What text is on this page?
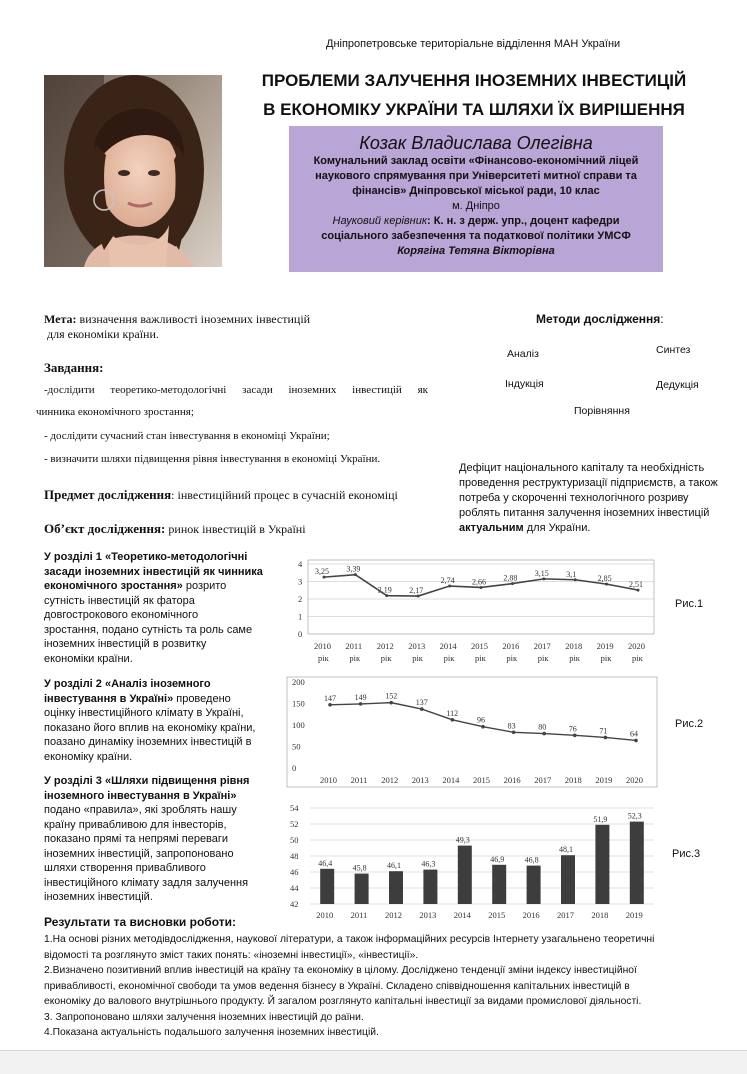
Дніпропетровське територіальне відділення МАН України
ПРОБЛЕМИ ЗАЛУЧЕННЯ ІНОЗЕМНИХ ІНВЕСТИЦІЙ
В ЕКОНОМІКУ УКРАЇНИ ТА ШЛЯХИ ЇХ ВИРІШЕННЯ
Козак Владислава Олегівна
Комунальний заклад освіти «Фінансово-економічний ліцей
наукового спрямування при Університеті митної справи та
фінансів» Дніпровської міської ради, 10 клас
м. Дніпро
Науковий керівник: К. н. з держ. упр., доцент кафедри
соціального забезпечення та податкової політики УМСФ
Корягіна Тетяна Вікторівна
Мета: визначення важливості іноземних інвестицій
для економіки країни.
Завдання:
-дослідити теоретико-методологічні засади іноземних інвестицій як
чинника економічного зростання;
- дослідити сучасний стан інвестування в економіці України;
- визначити шляхи підвищення рівня інвестування в економіці України.
Предмет дослідження: інвестиційний процес в сучасній економіці
Об’єкт дослідження: ринок інвестицій в Україні
Методи дослідження:
Аналіз	Синтез
Індукція	Дедукція
Порівняння
Дефіцит національного капіталу та необхідність
проведення реструктуризації підприємств, а також
потреба у скороченні технологічного розриву
роблять питання залучення іноземних інвестицій
актуальним для України.
У розділі 1 «Теоретико-методологічні
засади іноземних інвестицій як чинника
економічного зростання» розрито
сутність інвестицій як фатора
довгострокового економічного
зростання, подано сутність та роль саме
іноземних інвестицій в розвитку
економіки країни.
У розділі 2 «Аналіз іноземного
інвестування в Україні» проведено
оцінку інвестиційного клімату в Україні,
показано його вплив на економіку країни,
поазано динаміку іноземних інвестицій в
економіку країни.
У розділі 3 «Шляхи підвищення рівня
іноземного інвестування в Україні»
подано «правила», які зроблять нашу
країну привабливою для інвесторів,
показано прямі та непрямі переваги
іноземних інвестицій, запропоновано
шляхи створення привабливого
інвестиційного клімату задля залучення
іноземних інвестицій.
0
1
2
3
4
2010
рік
2011
рік
2012
рік
2013
рік
2014
рік
2015
рік
2016
рік
2017
рік
2018
рік
2019
рік
2020
рік
3,25 3,39
2,19 2,17
2,74 2,66 2,88
3,15 3,1	2,85
2,51
Рис.1
0
50
100
150
200
2010 2011 2012 2013 2014 2015 2016 2017 2018 2019 2020
147 149 152
137
112
96
83	80	76	71	64
Рис.2
42
44
46
48
50
52
54
46,4
2010
45,8
2011
46,1
2012
46,3
2013
49,3
2014
46,9
2015
46,8
2016
48,1
2017
51,9
2018
52,3
2019
Рис.3
Результати та висновки роботи:
1.На основі різних методівдослідження, наукової літератури, а також інформаційних ресурсів Інтернету узагальнено теоретичні
відомості та розглянуто зміст таких понять: «іноземні інвестиції», «інвестиції».
2.Визначено позитивний вплив інвестицій на країну та економіку в цілому. Досліджено тенденції зміни індексу інвестиційної
привабливості, економічної свободи та умов ведення бізнесу в Україні. Складено співвідношення капітальних інвестицій в
економіку до валового внутрішнього продукту. Й загалом розглянуто капітальні інвестиції за видами промислової діяльності.
3. Запропоновано шляхи залучення іноземних інвестицій до раїни.
4.Показана актуальність подальшого залучення іноземних інвестицій.
